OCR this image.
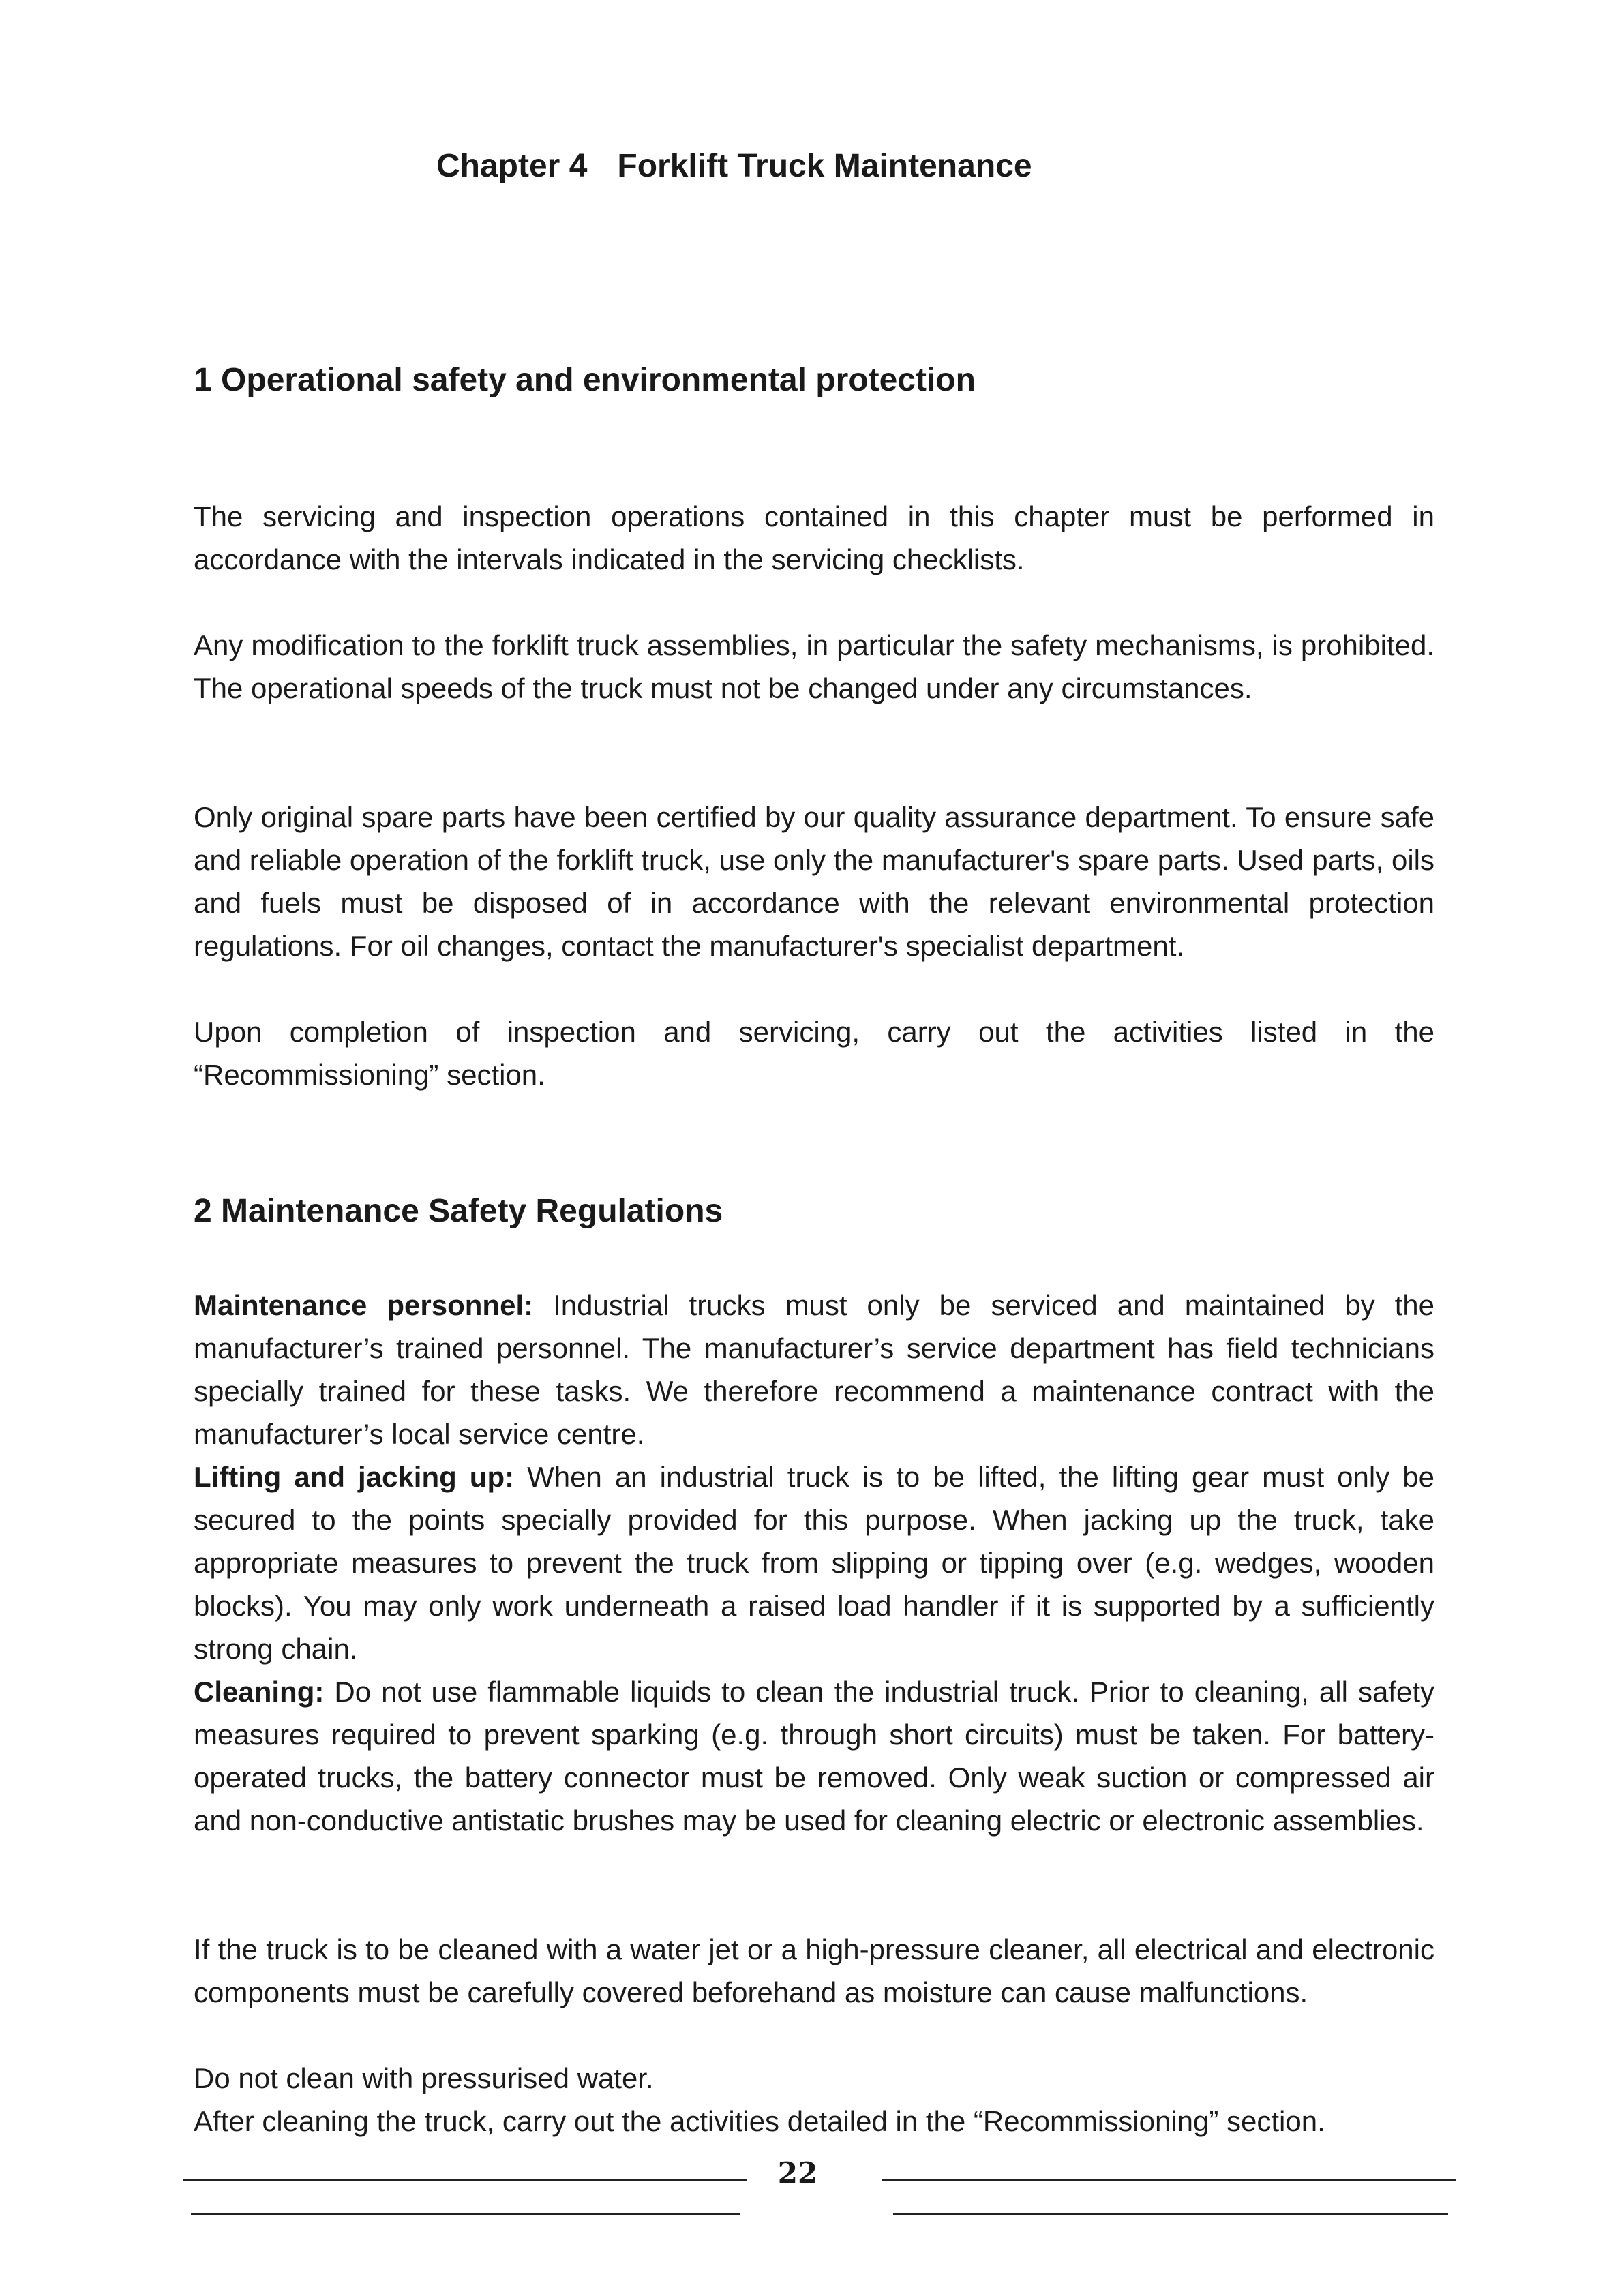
Chapter 4 Forklift Truck Maintenance
1 Operational safety and environmental protection

The servicing and inspection operations contained in this chapter must be performed in accordance with the intervals indicated in the servicing checklists.

Any modification to the forklift truck assemblies, in particular the safety mechanisms, is prohibited. The operational speeds of the truck must not be changed under any circumstances.

Only original spare parts have been certified by our quality assurance department. To ensure safe and reliable operation of the forklift truck, use only the manufacturer's spare parts. Used parts, oils and fuels must be disposed of in accordance with the relevant environmental protection regulations. For oil changes, contact the manufacturer's specialist department.

Upon completion of inspection and servicing, carry out the activities listed in the “Recommissioning” section.

2 Maintenance Safety Regulations

Maintenance personnel: Industrial trucks must only be serviced and maintained by the manufacturer’s trained personnel. The manufacturer’s service department has field technicians specially trained for these tasks. We therefore recommend a maintenance contract with the manufacturer’s local service centre.

Lifting and jacking up: When an industrial truck is to be lifted, the lifting gear must only be secured to the points specially provided for this purpose. When jacking up the truck, take appropriate measures to prevent the truck from slipping or tipping over (e.g. wedges, wooden blocks). You may only work underneath a raised load handler if it is supported by a sufficiently strong chain.

Cleaning: Do not use flammable liquids to clean the industrial truck. Prior to cleaning, all safety measures required to prevent sparking (e.g. through short circuits) must be taken. For battery-operated trucks, the battery connector must be removed. Only weak suction or compressed air and non-conductive antistatic brushes may be used for cleaning electric or electronic assemblies.

If the truck is to be cleaned with a water jet or a high-pressure cleaner, all electrical and electronic components must be carefully covered beforehand as moisture can cause malfunctions.

Do not clean with pressurised water.

After cleaning the truck, carry out the activities detailed in the “Recommissioning” section.

22
